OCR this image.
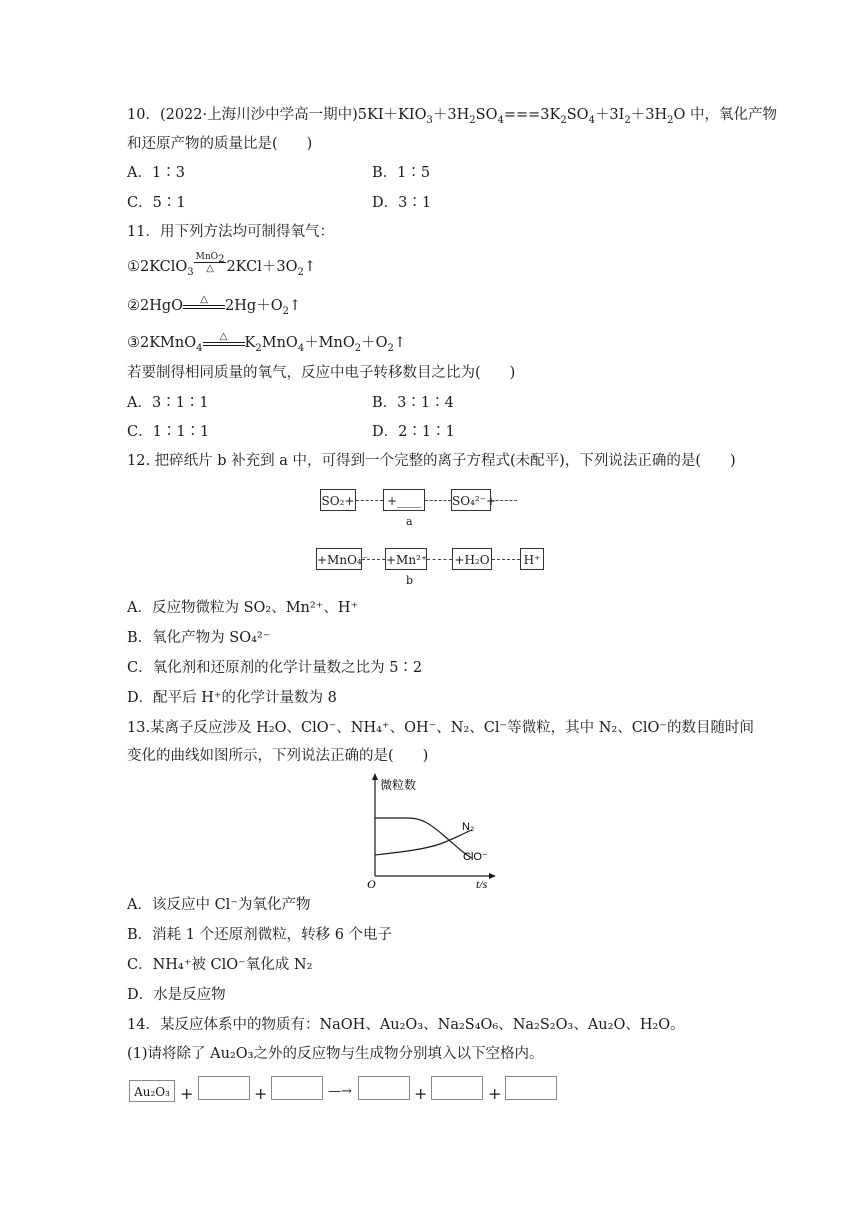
10．(2022·上海川沙中学高一期中)$5KI+KIO_3+3H_2SO_4===3K_2SO_4+3I_2+3H_2O$ 中，氧化产物
和还原产物的质量比是(　　)
A．1∶3	B．1∶5
C．5∶1	D．3∶1
11．用下列方法均可制得氧气：
①2KClO$_3$ $\frac{MnO_2}{\triangle}$ $2KCl+3O_2↑$
②2HgO	△	$2Hg+O_2↑$
③2KMnO$_4$
△	$K_2MnO_4+MnO_2+O_2↑$
若要制得相同质量的氧气，反应中电子转移数目之比为(　　)
A．3∶1∶1	B．3∶1∶4
C．1∶1∶1	D．2∶1∶1
12. 把碎纸片 b 补充到 a 中，可得到一个完整的离子方程式(未配平)，下列说法正确的是(　　)
SO₂+	+____	SO₄²⁻+
a
+MnO₄⁻ +Mn²⁺ +H₂O	H⁺
b
A．反应物微粒为 SO₂、Mn²⁺、H⁺
B．氧化产物为 SO₄²⁻
C．氧化剂和还原剂的化学计量数之比为 5∶2
D．配平后 H⁺的化学计量数为 8
13.某离子反应涉及 H₂O、ClO⁻、NH₄⁺、OH⁻、N₂、Cl⁻等微粒，其中 N₂、ClO⁻的数目随时间
变化的曲线如图所示，下列说法正确的是(　　)
微粒数
N₂
ClO⁻
O	t/s
A．该反应中 Cl⁻为氧化产物
B．消耗 1 个还原剂微粒，转移 6 个电子
C．NH₄⁺被 ClO⁻氧化成 N₂
D．水是反应物
14．某反应体系中的物质有：NaOH、Au₂O₃、Na₂S₄O₆、Na₂S₂O₃、Au₂O、H₂O。
(1)请将除了 Au₂O₃之外的反应物与生成物分别填入以下空格内。
Au₂O₃ +	+	—→	+	+
